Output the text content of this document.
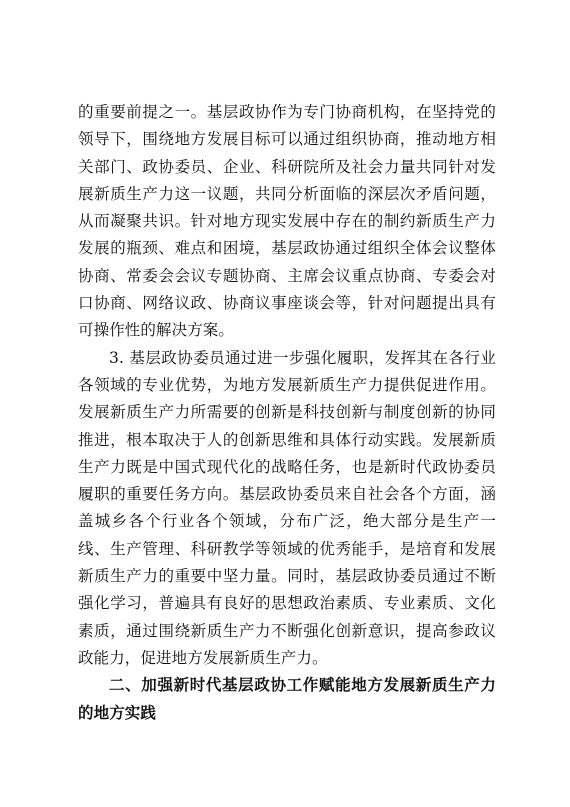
的重要前提之一。基层政协作为专门协商机构，在坚持党的领导下，围绕地方发展目标可以通过组织协商，推动地方相关部门、政协委员、企业、科研院所及社会力量共同针对发展新质生产力这一议题，共同分析面临的深层次矛盾问题，从而凝聚共识。针对地方现实发展中存在的制约新质生产力发展的瓶颈、难点和困境，基层政协通过组织全体会议整体协商、常委会会议专题协商、主席会议重点协商、专委会对口协商、网络议政、协商议事座谈会等，针对问题提出具有可操作性的解决方案。

3. 基层政协委员通过进一步强化履职，发挥其在各行业各领域的专业优势，为地方发展新质生产力提供促进作用。发展新质生产力所需要的创新是科技创新与制度创新的协同推进，根本取决于人的创新思维和具体行动实践。发展新质生产力既是中国式现代化的战略任务，也是新时代政协委员履职的重要任务方向。基层政协委员来自社会各个方面，涵盖城乡各个行业各个领域，分布广泛，绝大部分是生产一线、生产管理、科研教学等领域的优秀能手，是培育和发展新质生产力的重要中坚力量。同时，基层政协委员通过不断强化学习，普遍具有良好的思想政治素质、专业素质、文化素质，通过围绕新质生产力不断强化创新意识，提高参政议政能力，促进地方发展新质生产力。

二、加强新时代基层政协工作赋能地方发展新质生产力的地方实践
